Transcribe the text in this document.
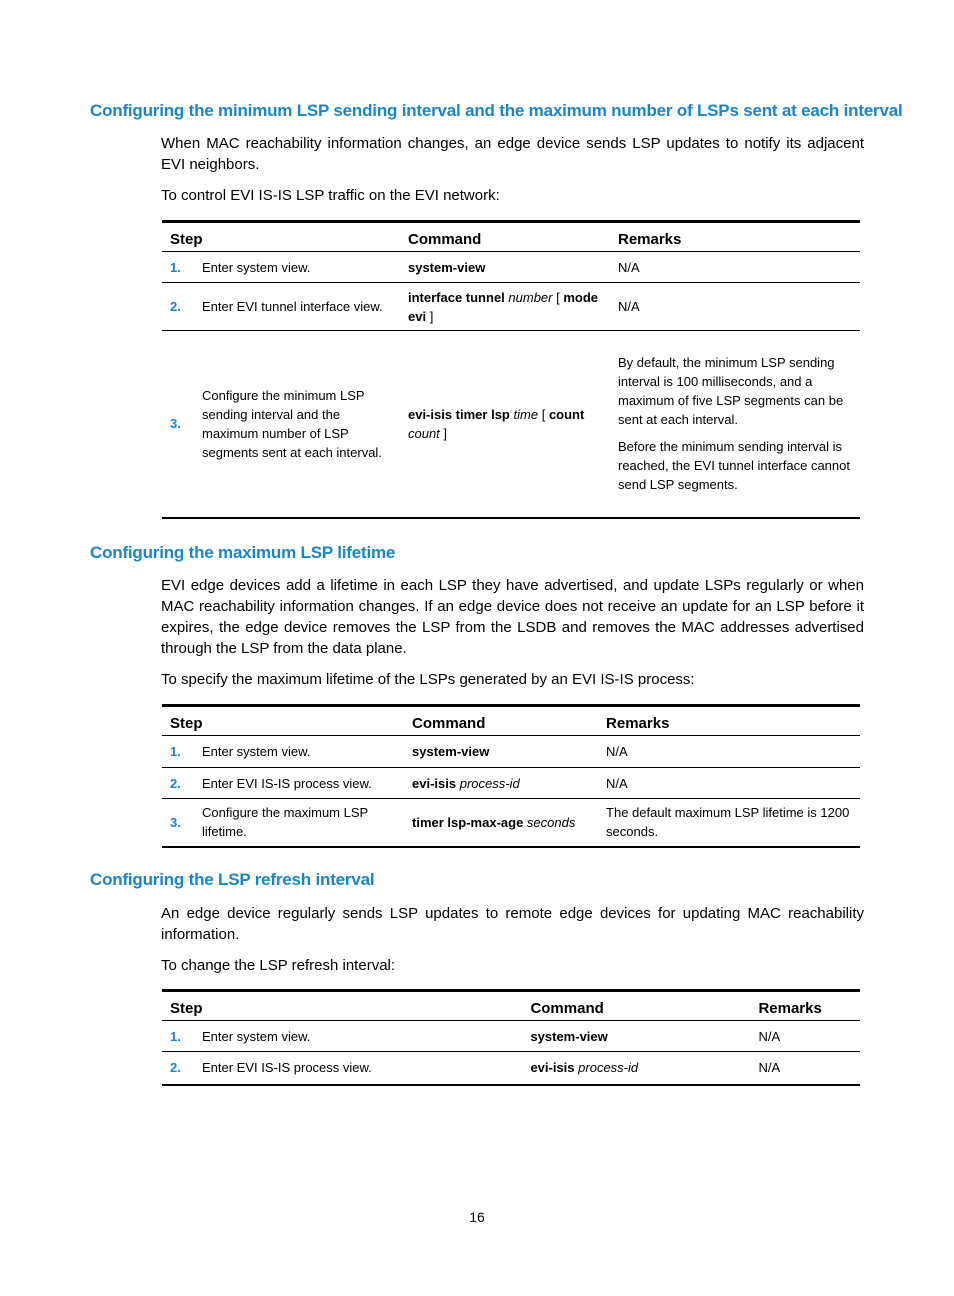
Configuring the minimum LSP sending interval and the maximum number of LSPs sent at each interval

When MAC reachability information changes, an edge device sends LSP updates to notify its adjacent EVI neighbors.

To control EVI IS-IS LSP traffic on the EVI network:

Step		Command	Remarks
1.	Enter system view.	system-view	N/A
2.	Enter EVI tunnel interface view.	interface tunnel number [ mode evi ]	N/A
3.	Configure the minimum LSP sending interval and the maximum number of LSP segments sent at each interval.	evi-isis timer lsp time [ count count ]	By default, the minimum LSP sending interval is 100 milliseconds, and a maximum of five LSP segments can be sent at each interval.
Before the minimum sending interval is reached, the EVI tunnel interface cannot send LSP segments.
Configuring the maximum LSP lifetime

EVI edge devices add a lifetime in each LSP they have advertised, and update LSPs regularly or when MAC reachability information changes. If an edge device does not receive an update for an LSP before it expires, the edge device removes the LSP from the LSDB and removes the MAC addresses advertised through the LSP from the data plane.

To specify the maximum lifetime of the LSPs generated by an EVI IS-IS process:

Step		Command	Remarks
1.	Enter system view.	system-view	N/A
2.	Enter EVI IS-IS process view.	evi-isis process-id	N/A
3.	Configure the maximum LSP lifetime.	timer lsp-max-age seconds	The default maximum LSP lifetime is 1200 seconds.
Configuring the LSP refresh interval

An edge device regularly sends LSP updates to remote edge devices for updating MAC reachability information.

To change the LSP refresh interval:

Step		Command	Remarks
1.	Enter system view.	system-view	N/A
2.	Enter EVI IS-IS process view.	evi-isis process-id	N/A
16
